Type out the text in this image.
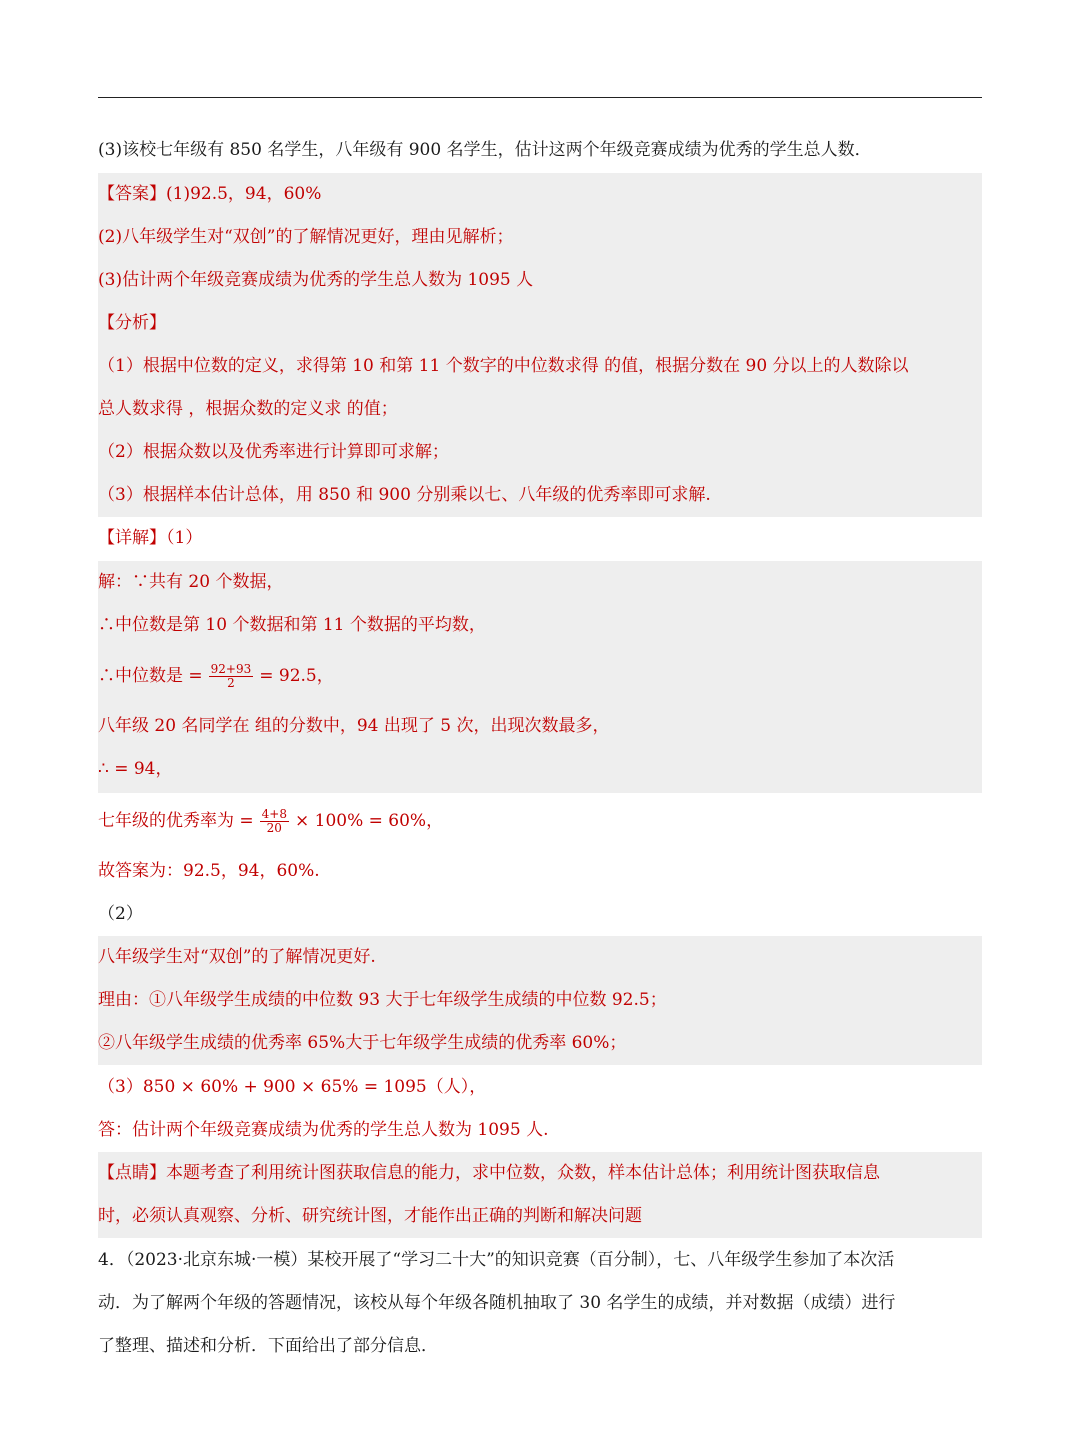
(3)该校七年级有 850 名学生，八年级有 900 名学生，估计这两个年级竞赛成绩为优秀的学生总人数．
【答案】(1)92.5，94，60%
(2)八年级学生对“双创”的了解情况更好，理由见解析；
(3)估计两个年级竞赛成绩为优秀的学生总人数为 1095 人
【分析】
（1）根据中位数的定义，求得第 10 和第 11 个数字的中位数求得 的值，根据分数在 90 分以上的人数除以
总人数求得 ，根据众数的定义求 的值；
（2）根据众数以及优秀率进行计算即可求解；
（3）根据样本估计总体，用 850 和 900 分别乘以七、八年级的优秀率即可求解.
【详解】（1）
解：∵共有 20 个数据，
∴中位数是第 10 个数据和第 11 个数据的平均数，
∴中位数是 = $\frac{92+93}{2} = 92.5$，
八年级 20 名同学在 组的分数中，94 出现了 5 次，出现次数最多，
∴ = 94，
七年级的优秀率为 = $\frac{4+8}{20} \times 100\% = 60\%$，
故答案为：92.5，94，60%.
（2）
八年级学生对“双创”的了解情况更好.
理由：①八年级学生成绩的中位数 93 大于七年级学生成绩的中位数 92.5；
②八年级学生成绩的优秀率 65%大于七年级学生成绩的优秀率 60%；
（3）850 × 60% + 900 × 65% = 1095（人），
答：估计两个年级竞赛成绩为优秀的学生总人数为 1095 人.
【点睛】本题考查了利用统计图获取信息的能力，求中位数，众数，样本估计总体；利用统计图获取信息
时，必须认真观察、分析、研究统计图，才能作出正确的判断和解决问题
4．（2023·北京东城·一模）某校开展了“学习二十大”的知识竞赛（百分制），七、八年级学生参加了本次活
动．为了解两个年级的答题情况，该校从每个年级各随机抽取了 30 名学生的成绩，并对数据（成绩）进行
了整理、描述和分析．下面给出了部分信息．
